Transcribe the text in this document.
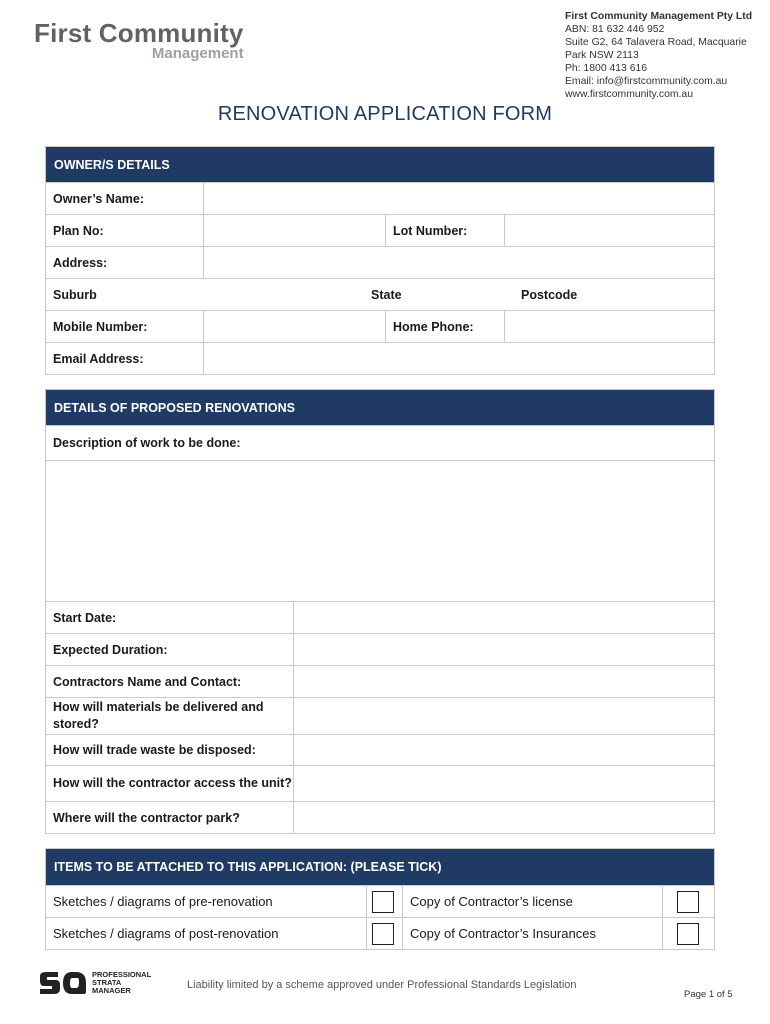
First Community
Management
First Community Management Pty Ltd
ABN: 81 632 446 952
Suite G2, 64 Talavera Road, Macquarie
Park NSW 2113
Ph: 1800 413 616
Email: info@firstcommunity.com.au
www.firstcommunity.com.au
RENOVATION APPLICATION FORM
OWNER/S DETAILS
Owner’s Name:
Plan No:	Lot Number:
Address:
Suburb	State	Postcode
Mobile Number:	Home Phone:
Email Address:
DETAILS OF PROPOSED RENOVATIONS
Description of work to be done:
Start Date:
Expected Duration:
Contractors Name and Contact:
How will materials be delivered and stored?
How will trade waste be disposed:
How will the contractor access the unit?
Where will the contractor park?
ITEMS TO BE ATTACHED TO THIS APPLICATION: (PLEASE TICK)
Sketches / diagrams of pre-renovation	Copy of Contractor’s license
Sketches / diagrams of post-renovation	Copy of Contractor’s Insurances
PROFESSIONAL
STRATA
MANAGER	Liability limited by a scheme approved under Professional Standards Legislation
Page 1 of 5
